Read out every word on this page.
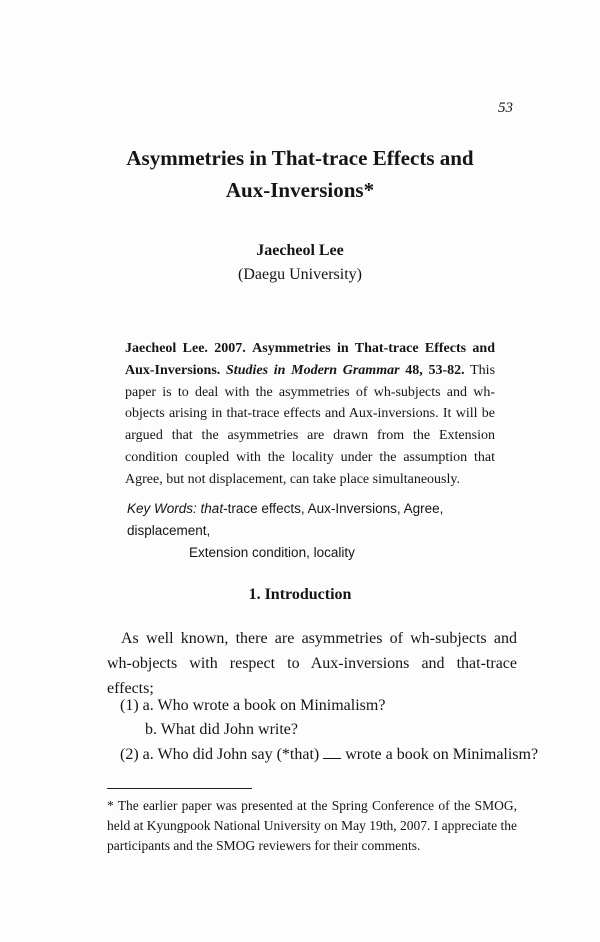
53
Asymmetries in That-trace Effects and
Aux-Inversions*
Jaecheol Lee
(Daegu University)
Jaecheol Lee. 2007. Asymmetries in That-trace Effects and Aux-Inversions. Studies in Modern Grammar 48, 53-82. This paper is to deal with the asymmetries of wh-subjects and wh-objects arising in that-trace effects and Aux-inversions. It will be argued that the asymmetries are drawn from the Extension condition coupled with the locality under the assumption that Agree, but not displacement, can take place simultaneously.
Key Words: that-trace effects, Aux-Inversions, Agree, displacement,
Extension condition, locality
1. Introduction
As well known, there are asymmetries of wh-subjects and wh-objects with respect to Aux-inversions and that-trace effects;
(1) a. Who wrote a book on Minimalism?
b. What did John write?
(2) a. Who did John say (*that) wrote a book on Minimalism?
* The earlier paper was presented at the Spring Conference of the SMOG, held at Kyungpook National University on May 19th, 2007. I appreciate the participants and the SMOG reviewers for their comments.
